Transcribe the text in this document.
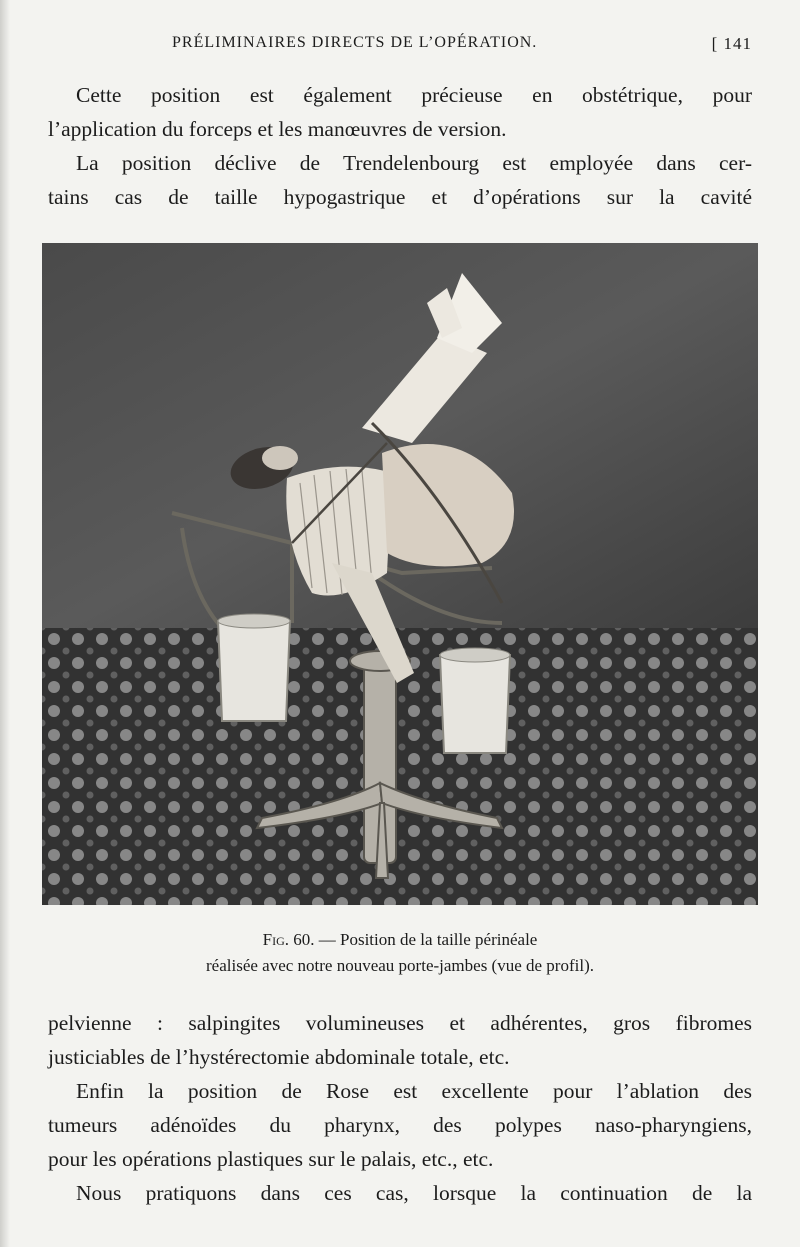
PRÉLIMINAIRES DIRECTS DE L’OPÉRATION.	[ 141
Cette position est également précieuse en obstétrique, pour
l’application du forceps et les manœuvres de version.
La position déclive de Trendelenbourg est employée dans cer-
tains cas de taille hypogastrique et d’opérations sur la cavité
Fig. 60. — Position de la taille périnéale
réalisée avec notre nouveau porte-jambes (vue de profil).
pelvienne : salpingites volumineuses et adhérentes, gros fibromes
justiciables de l’hystérectomie abdominale totale, etc.
Enfin la position de Rose est excellente pour l’ablation des
tumeurs adénoïdes du pharynx, des polypes naso-pharyngiens,
pour les opérations plastiques sur le palais, etc., etc.
Nous pratiquons dans ces cas, lorsque la continuation de la
